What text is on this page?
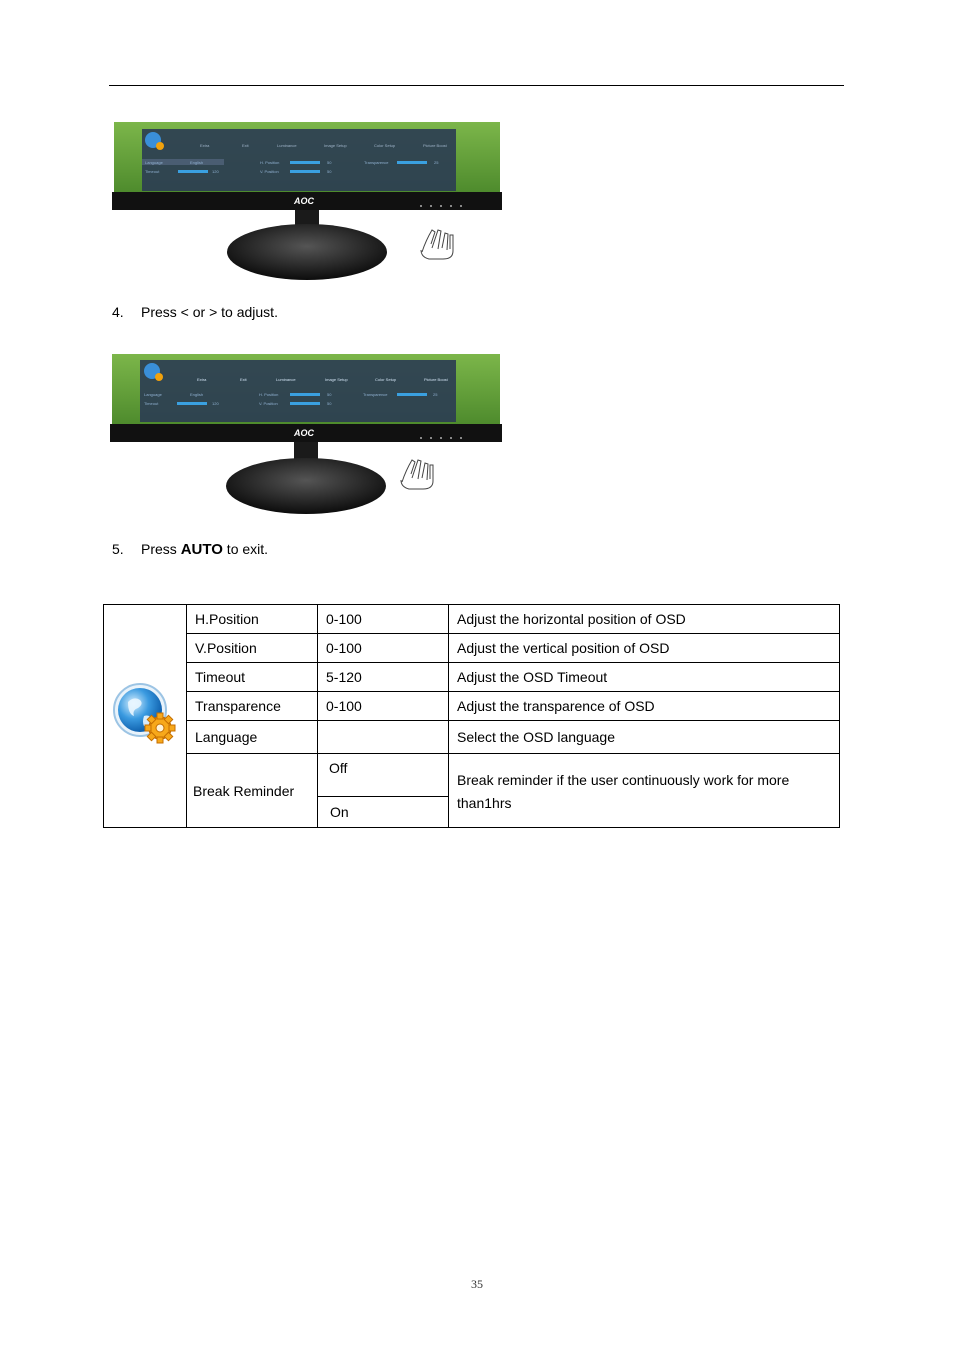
Extra	Exit	Luminance	Image Setup	Color Setup	Picture Boost
Language
Timeout
H. Position
V. Position
Transparence
English
120
50
50
25
AOC
4. Press < or > to adjust.
Extra	Exit	Luminance	Image Setup	Color Setup	Picture Boost
Language
Timeout
H. Position
V. Position
Transparence
English
120
50
50
25
AOC
5. Press AUTO to exit.
	H.Position	0-100	Adjust the horizontal position of OSD
	V.Position	0-100	Adjust the vertical position of OSD
	Timeout	5-120	Adjust the OSD Timeout
	Transparence	0-100	Adjust the transparence of OSD
	Language		Select the OSD language
	Break Reminder	Off	Break reminder if the user continuously work for more than1hrs
		On	
35
